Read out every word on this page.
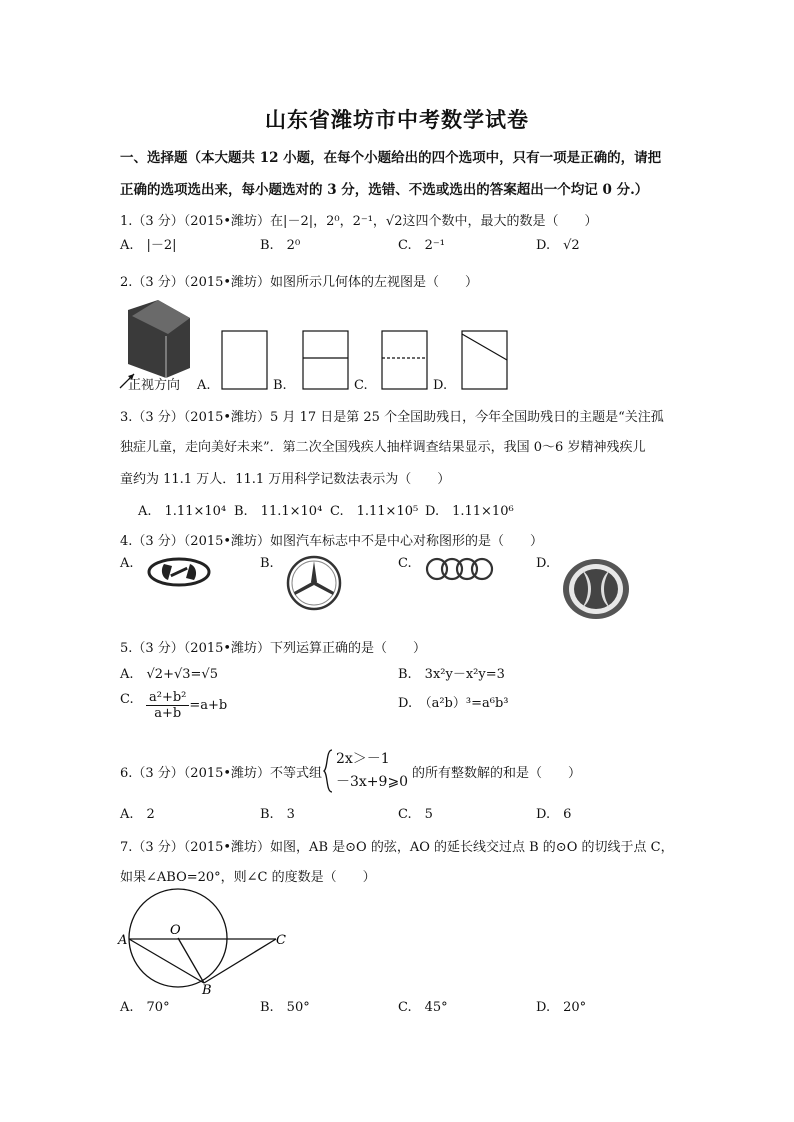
山东省潍坊市中考数学试卷
一、选择题（本大题共 12 小题，在每个小题给出的四个选项中，只有一项是正确的，请把
正确的选项选出来，每小题选对的 3 分，选错、不选或选出的答案超出一个均记 0 分.）
1.（3 分）（2015•潍坊）在|－2|，2⁰，2⁻¹，√2这四个数中，最大的数是（　　）
A.　|－2|	B.　2⁰	C.　2⁻¹	D.　√2
2.（3 分）（2015•潍坊）如图所示几何体的左视图是（　　）
正视方向 A.	B.	C.	D.
3.（3 分）（2015•潍坊）5 月 17 日是第 25 个全国助残日，今年全国助残日的主题是“关注孤
独症儿童，走向美好未来”．第二次全国残疾人抽样调查结果显示，我国 0～6 岁精神残疾儿
童约为 11.1 万人．11.1 万用科学记数法表示为（　　）
A.　1.11×10⁴ B.　11.1×10⁴ C.　1.11×10⁵ D.　1.11×10⁶
4.（3 分）（2015•潍坊）如图汽车标志中不是中心对称图形的是（　　）
A.	B.	C.	D.
5.（3 分）（2015•潍坊）下列运算正确的是（　　）
A.　√2+√3=√5	B.　3x²y－x²y=3
C. $\frac{\text{a²+b²}}{a+b} =a+b$	D.　（a²b）³=a⁶b³
6.（3 分）（2015•潍坊）不等式组
2x＞－1
－3x+9⩾0
的所有整数解的和是（　　）
A.　2	B.　3	C.　5	D.　6
7.（3 分）（2015•潍坊）如图，AB 是⊙O 的弦，AO 的延长线交过点 B 的⊙O 的切线于点 C，
如果∠ABO=20°，则∠C 的度数是（　　）
A
O
B
C
A.　70°	B.　50°	C.　45°	D.　20°
